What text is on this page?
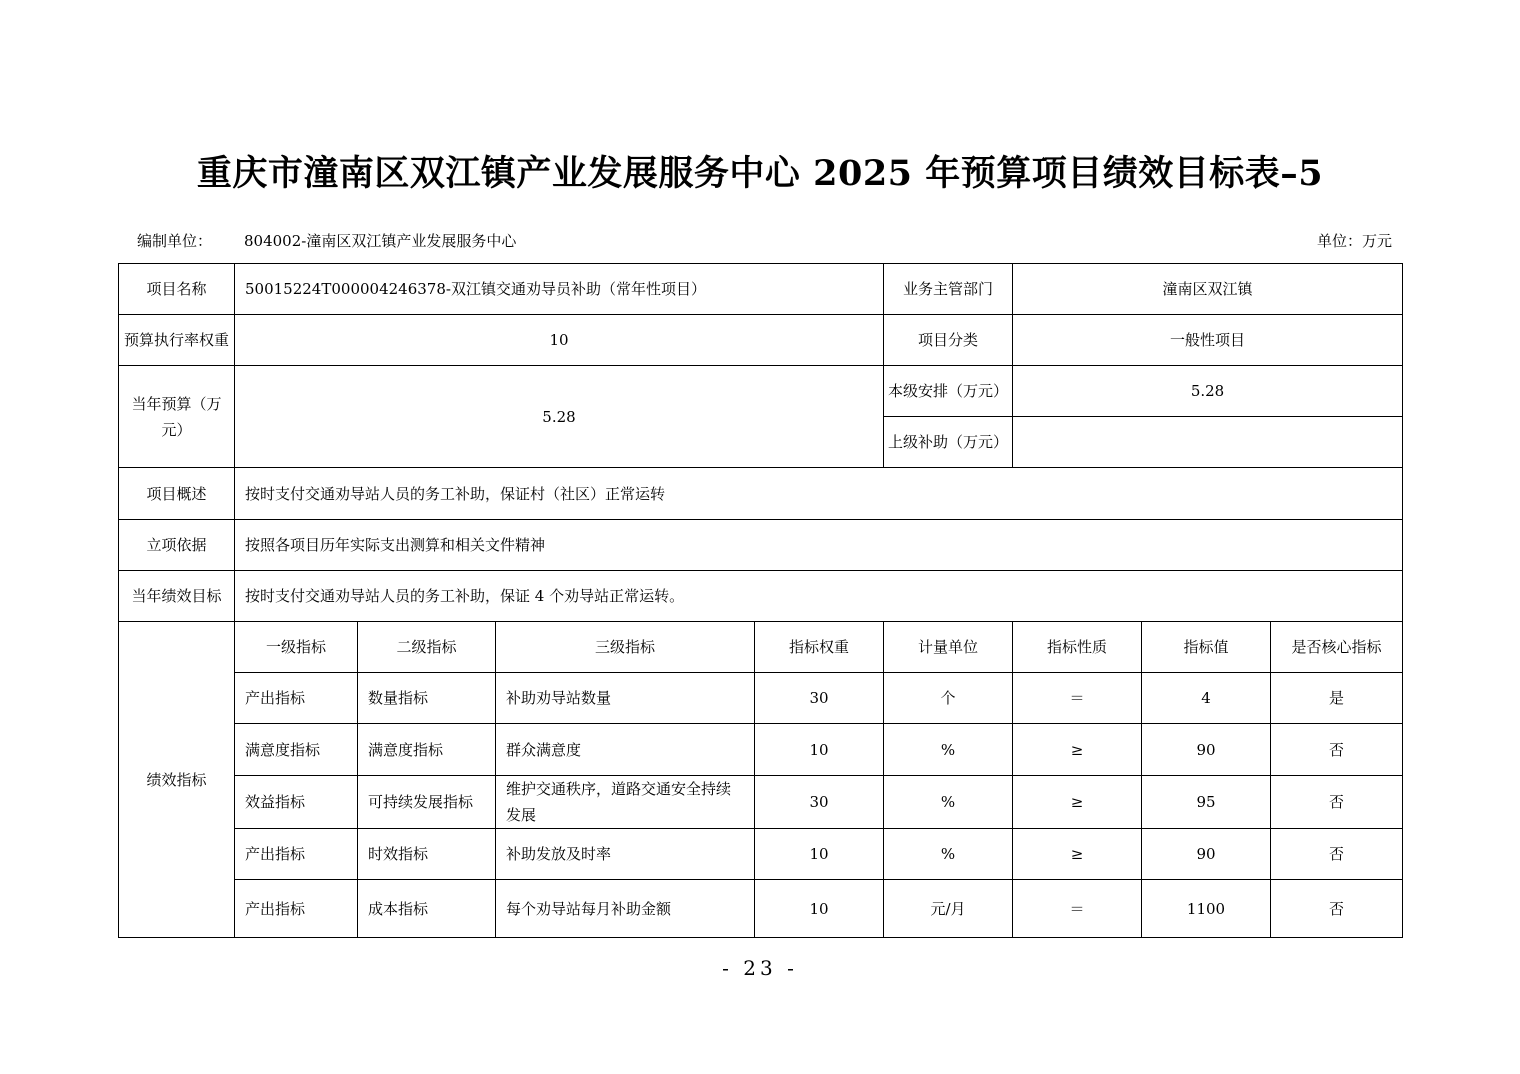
重庆市潼南区双江镇产业发展服务中心 2025 年预算项目绩效目标表–5
编制单位： 804002-潼南区双江镇产业发展服务中心	单位：万元
项目名称	50015224T000004246378-双江镇交通劝导员补助（常年性项目）				业务主管部门	潼南区双江镇		
预算执行率权重	10				项目分类	一般性项目		
当年预算（万元）	5.28				本级安排（万元）	5.28		
					上级补助（万元）			
项目概述	按时支付交通劝导站人员的务工补助，保证村（社区）正常运转							
立项依据	按照各项目历年实际支出测算和相关文件精神							
当年绩效目标	按时支付交通劝导站人员的务工补助，保证 4 个劝导站正常运转。							
绩效指标	一级指标	二级指标	三级指标	指标权重	计量单位	指标性质	指标值	是否核心指标
	产出指标	数量指标	补助劝导站数量	30	个	＝	4	是
	满意度指标	满意度指标	群众满意度	10	%	≥	90	否
	效益指标	可持续发展指标	维护交通秩序，道路交通安全持续发展	30	%	≥	95	否
	产出指标	时效指标	补助发放及时率	10	%	≥	90	否
	产出指标	成本指标	每个劝导站每月补助金额	10	元/月	＝	1100	否
- 23 -
